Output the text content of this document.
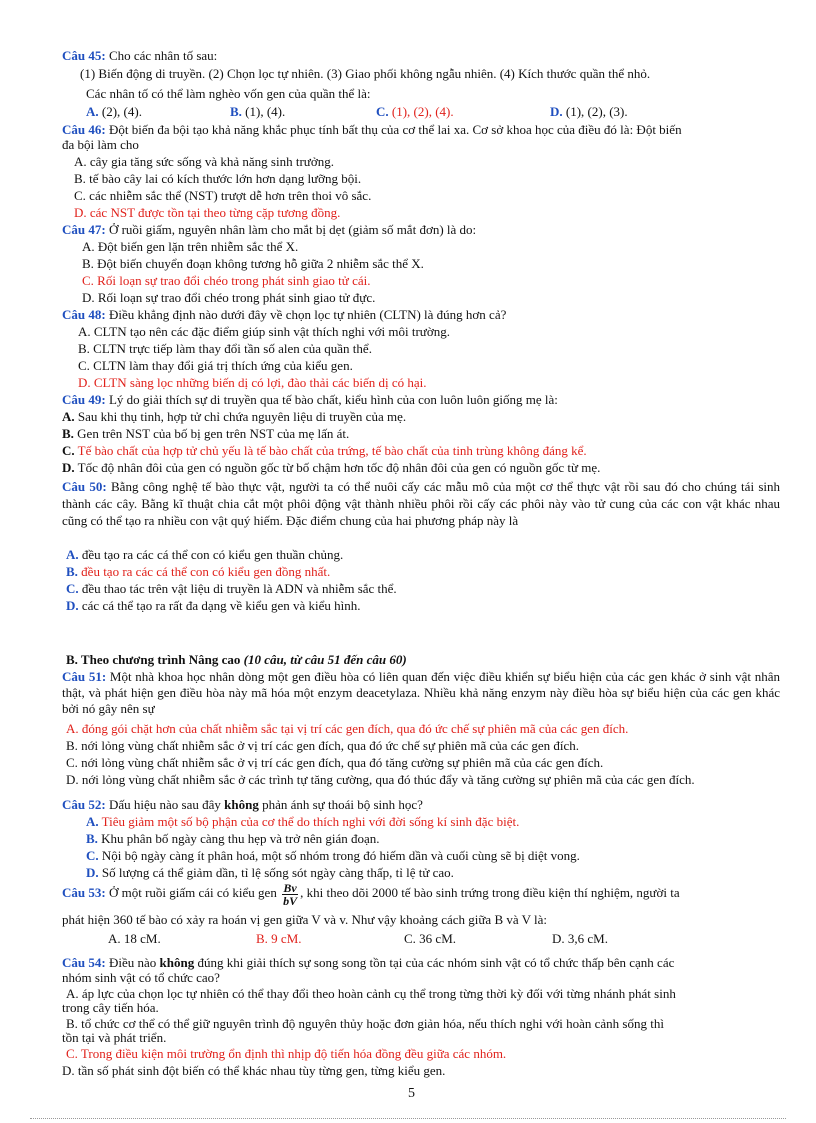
Câu 45: Cho các nhân tố sau:
(1) Biến động di truyền. (2) Chọn lọc tự nhiên. (3) Giao phối không ngẫu nhiên. (4) Kích thước quần thể nhỏ.
Các nhân tố có thể làm nghèo vốn gen của quần thể là:
A. (2), (4).	B. (1), (4).	C. (1), (2), (4).	D. (1), (2), (3).
Câu 46: Đột biến đa bội tạo khả năng khắc phục tính bất thụ của cơ thể lai xa. Cơ sở khoa học của điều đó là: Đột biến
đa bội làm cho
A. cây gia tăng sức sống và khả năng sinh trưởng.
B. tế bào cây lai có kích thước lớn hơn dạng lưỡng bội.
C. các nhiễm sắc thể (NST) trượt dễ hơn trên thoi vô sắc.
D. các NST được tồn tại theo từng cặp tương đồng.
Câu 47: Ở ruồi giấm, nguyên nhân làm cho mắt bị dẹt (giảm số mắt đơn) là do:
A. Đột biến gen lặn trên nhiễm sắc thể X.
B. Đột biến chuyển đoạn không tương hỗ giữa 2 nhiễm sắc thể X.
C. Rối loạn sự trao đổi chéo trong phát sinh giao tử cái.
D. Rối loạn sự trao đổi chéo trong phát sinh giao tử đực.
Câu 48: Điều khẳng định nào dưới đây về chọn lọc tự nhiên (CLTN) là đúng hơn cả?
A. CLTN tạo nên các đặc điểm giúp sinh vật thích nghi với môi trường.
B. CLTN trực tiếp làm thay đổi tần số alen của quần thể.
C. CLTN làm thay đổi giá trị thích ứng của kiểu gen.
D. CLTN sàng lọc những biến dị có lợi, đào thải các biến dị có hại.
Câu 49: Lý do giải thích sự di truyền qua tế bào chất, kiểu hình của con luôn luôn giống mẹ là:
A. Sau khi thụ tinh, hợp tử chỉ chứa nguyên liệu di truyền của mẹ.
B. Gen trên NST của bố bị gen trên NST của mẹ lấn át.
C. Tế bào chất của hợp tử chủ yếu là tế bào chất của trứng, tế bào chất của tinh trùng không đáng kể.
D. Tốc độ nhân đôi của gen có nguồn gốc từ bố chậm hơn tốc độ nhân đôi của gen có nguồn gốc từ mẹ.
Câu 50: Bằng công nghệ tế bào thực vật, người ta có thể nuôi cấy các mẫu mô của một cơ thể thực vật rồi sau đó cho chúng tái sinh thành các cây. Bằng kĩ thuật chia cắt một phôi động vật thành nhiều phôi rồi cấy các phôi này vào tử cung của các con vật khác nhau cũng có thể tạo ra nhiều con vật quý hiếm. Đặc điểm chung của hai phương pháp này là
A. đều tạo ra các cá thể con có kiểu gen thuần chủng.
B. đều tạo ra các cá thể con có kiểu gen đồng nhất.
C. đều thao tác trên vật liệu di truyền là ADN và nhiễm sắc thể.
D. các cá thể tạo ra rất đa dạng về kiểu gen và kiểu hình.
B. Theo chương trình Nâng cao (10 câu, từ câu 51 đến câu 60)
Câu 51: Một nhà khoa học nhân dòng một gen điều hòa có liên quan đến việc điều khiển sự biểu hiện của các gen khác ở sinh vật nhân thật, và phát hiện gen điều hòa này mã hóa một enzym deacetylaza. Nhiều khả năng enzym này điều hòa sự biểu hiện của các gen khác bởi nó gây nên sự
A. đóng gói chặt hơn của chất nhiễm sắc tại vị trí các gen đích, qua đó ức chế sự phiên mã của các gen đích.
B. nới lỏng vùng chất nhiễm sắc ở vị trí các gen đích, qua đó ức chế sự phiên mã của các gen đích.
C. nới lỏng vùng chất nhiễm sắc ở vị trí các gen đích, qua đó tăng cường sự phiên mã của các gen đích.
D. nới lỏng vùng chất nhiễm sắc ở các trình tự tăng cường, qua đó thúc đẩy và tăng cường sự phiên mã của các gen đích.
Câu 52: Dấu hiệu nào sau đây không phản ánh sự thoái bộ sinh học?
A. Tiêu giảm một số bộ phận của cơ thể do thích nghi với đời sống kí sinh đặc biệt.
B. Khu phân bố ngày càng thu hẹp và trở nên gián đoạn.
C. Nội bộ ngày càng ít phân hoá, một số nhóm trong đó hiếm dần và cuối cùng sẽ bị diệt vong.
D. Số lượng cá thể giảm dần, tỉ lệ sống sót ngày càng thấp, tỉ lệ tử cao.
Câu 53: Ở một ruồi giấm cái có kiểu gen $\frac{Bv}{bV}$ , khi theo dõi 2000 tế bào sinh trứng trong điều kiện thí nghiệm, người ta
phát hiện 360 tế bào có xảy ra hoán vị gen giữa V và v. Như vậy khoảng cách giữa B và V là:
A. 18 cM.	B. 9 cM.	C. 36 cM.	D. 3,6 cM.
Câu 54: Điều nào không đúng khi giải thích sự song song tồn tại của các nhóm sinh vật có tổ chức thấp bên cạnh các
nhóm sinh vật có tổ chức cao?
A. áp lực của chọn lọc tự nhiên có thể thay đổi theo hoàn cảnh cụ thể trong từng thời kỳ đối với từng nhánh phát sinh
trong cây tiến hóa.
B. tổ chức cơ thể có thể giữ nguyên trình độ nguyên thủy hoặc đơn giản hóa, nếu thích nghi với hoàn cảnh sống thì
tồn tại và phát triển.
C. Trong điều kiện môi trường ổn định thì nhịp độ tiến hóa đồng đều giữa các nhóm.
D. tần số phát sinh đột biến có thể khác nhau tùy từng gen, từng kiểu gen.
5
